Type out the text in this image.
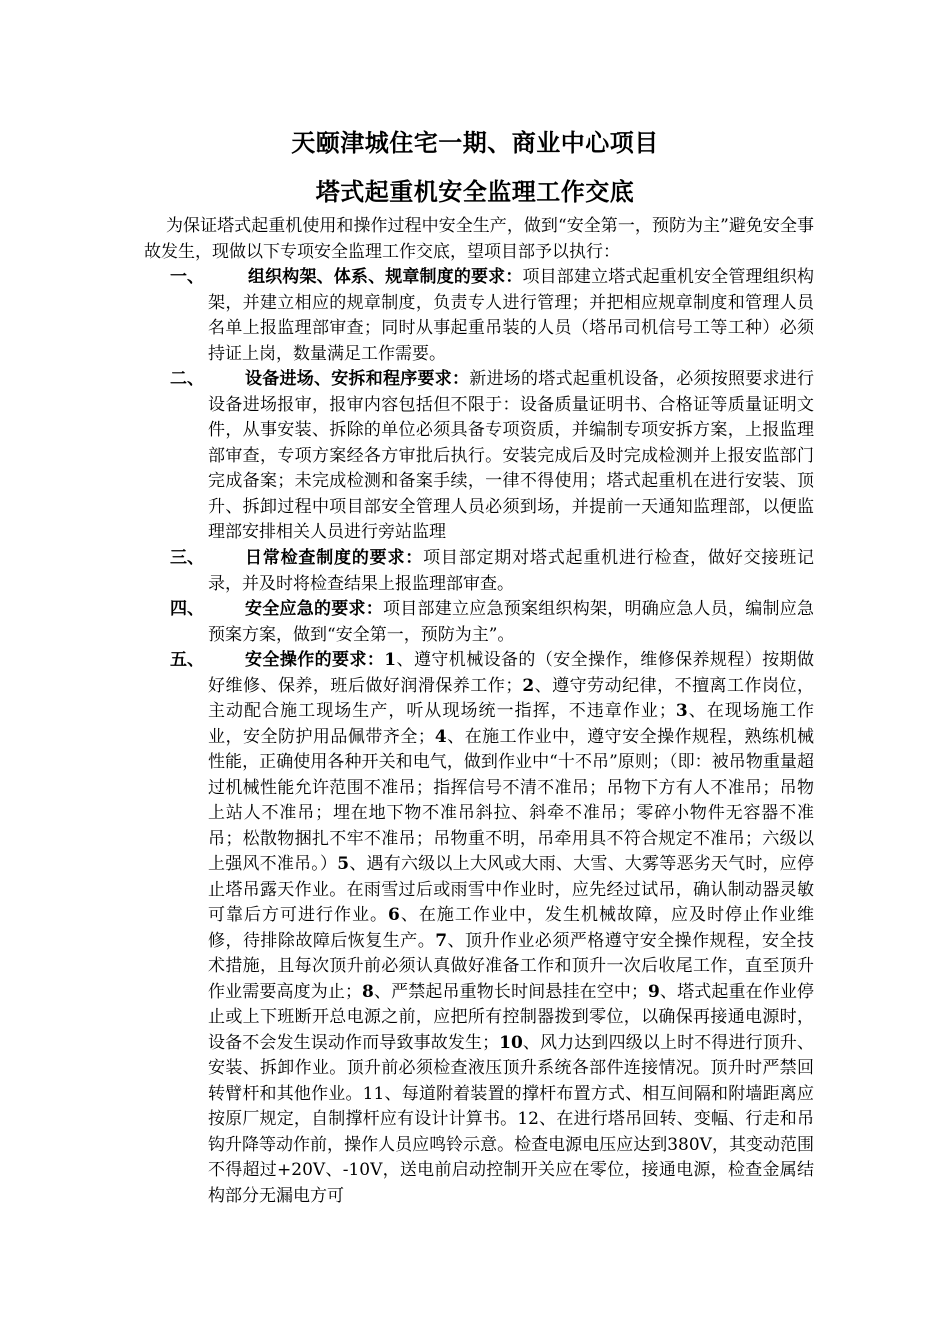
天颐津城住宅一期、商业中心项目
塔式起重机安全监理工作交底
为保证塔式起重机使用和操作过程中安全生产，做到“安全第一，预防为主”避免安全事故发生，现做以下专项安全监理工作交底，望项目部予以执行：
一、	组织构架、体系、规章制度的要求：项目部建立塔式起重机安全管理组织构架，并建立相应的规章制度，负责专人进行管理；并把相应规章制度和管理人员名单上报监理部审查；同时从事起重吊装的人员（塔吊司机信号工等工种）必须持证上岗，数量满足工作需要。
二、	设备进场、安拆和程序要求：新进场的塔式起重机设备，必须按照要求进行设备进场报审，报审内容包括但不限于：设备质量证明书、合格证等质量证明文件，从事安装、拆除的单位必须具备专项资质，并编制专项安拆方案，上报监理部审查，专项方案经各方审批后执行。安装完成后及时完成检测并上报安监部门完成备案；未完成检测和备案手续，一律不得使用；塔式起重机在进行安装、顶升、拆卸过程中项目部安全管理人员必须到场，并提前一天通知监理部，以便监理部安排相关人员进行旁站监理
三、	日常检查制度的要求：项目部定期对塔式起重机进行检查，做好交接班记录，并及时将检查结果上报监理部审查。
四、	安全应急的要求：项目部建立应急预案组织构架，明确应急人员，编制应急预案方案，做到“安全第一，预防为主”。
五、	安全操作的要求：1、遵守机械设备的（安全操作，维修保养规程）按期做好维修、保养，班后做好润滑保养工作；2、遵守劳动纪律，不擅离工作岗位，主动配合施工现场生产，听从现场统一指挥，不违章作业；3、在现场施工作业，安全防护用品佩带齐全；4、在施工作业中，遵守安全操作规程，熟练机械性能，正确使用各种开关和电气，做到作业中“十不吊”原则；（即：被吊物重量超过机械性能允许范围不准吊；指挥信号不清不准吊；吊物下方有人不准吊；吊物上站人不准吊；埋在地下物不准吊斜拉、斜牵不准吊；零碎小物件无容器不准吊；松散物捆扎不牢不准吊；吊物重不明，吊牵用具不符合规定不准吊；六级以上强风不准吊。）5、遇有六级以上大风或大雨、大雪、大雾等恶劣天气时，应停止塔吊露天作业。在雨雪过后或雨雪中作业时，应先经过试吊，确认制动器灵敏可靠后方可进行作业。6、在施工作业中，发生机械故障，应及时停止作业维修，待排除故障后恢复生产。7、顶升作业必须严格遵守安全操作规程，安全技术措施，且每次顶升前必须认真做好准备工作和顶升一次后收尾工作，直至顶升作业需要高度为止；8、严禁起吊重物长时间悬挂在空中；9、塔式起重在作业停止或上下班断开总电源之前，应把所有控制器拨到零位，以确保再接通电源时，设备不会发生误动作而导致事故发生；10、风力达到四级以上时不得进行顶升、安装、拆卸作业。顶升前必须检查液压顶升系统各部件连接情况。顶升时严禁回转臂杆和其他作业。11、每道附着装置的撑杆布置方式、相互间隔和附墙距离应按原厂规定，自制撑杆应有设计计算书。12、在进行塔吊回转、变幅、行走和吊钩升降等动作前，操作人员应鸣铃示意。检查电源电压应达到380V，其变动范围不得超过+20V、-10V，送电前启动控制开关应在零位，接通电源，检查金属结构部分无漏电方可
